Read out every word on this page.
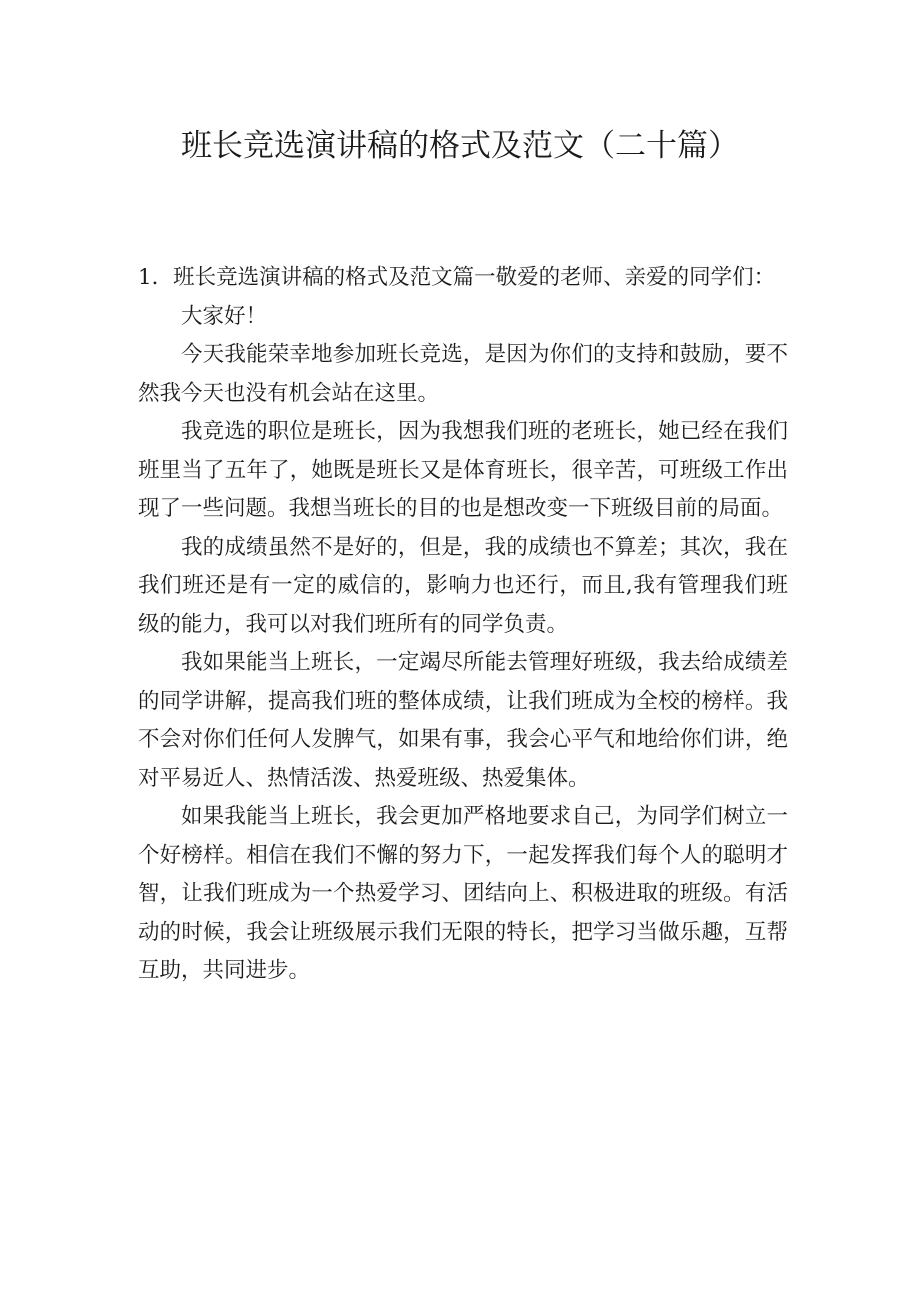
班长竞选演讲稿的格式及范文（二十篇）

1．班长竞选演讲稿的格式及范文篇一敬爱的老师、亲爱的同学们：

大家好！

今天我能荣幸地参加班长竞选，是因为你们的支持和鼓励，要不然我今天也没有机会站在这里。

我竞选的职位是班长，因为我想我们班的老班长，她已经在我们班里当了五年了，她既是班长又是体育班长，很辛苦，可班级工作出现了一些问题。我想当班长的目的也是想改变一下班级目前的局面。

我的成绩虽然不是好的，但是，我的成绩也不算差；其次，我在我们班还是有一定的威信的，影响力也还行，而且,我有管理我们班级的能力，我可以对我们班所有的同学负责。

我如果能当上班长，一定竭尽所能去管理好班级，我去给成绩差的同学讲解，提高我们班的整体成绩，让我们班成为全校的榜样。我不会对你们任何人发脾气，如果有事，我会心平气和地给你们讲，绝对平易近人、热情活泼、热爱班级、热爱集体。

如果我能当上班长，我会更加严格地要求自己，为同学们树立一个好榜样。相信在我们不懈的努力下，一起发挥我们每个人的聪明才智，让我们班成为一个热爱学习、团结向上、积极进取的班级。有活动的时候，我会让班级展示我们无限的特长，把学习当做乐趣，互帮互助，共同进步。
